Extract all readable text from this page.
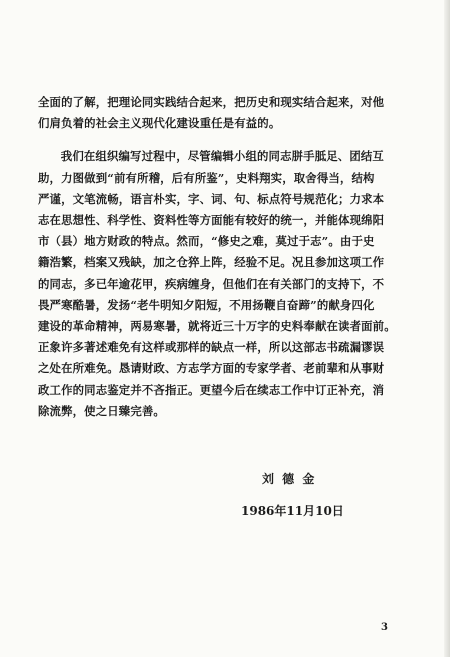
全面的了解，把理论同实践结合起来，把历史和现实结合起来，对他
们肩负着的社会主义现代化建设重任是有益的。

我们在组织编写过程中，尽管编辑小组的同志胼手胝足、团结互
助，力图做到“前有所稽，后有所鉴”，史料翔实，取舍得当，结构
严谨，文笔流畅，语言朴实，字、词、句、标点符号规范化；力求本
志在思想性、科学性、资料性等方面能有较好的统一，并能体现绵阳
市（县）地方财政的特点。然而，“修史之难，莫过于志”。由于史
籍浩繁，档案又残缺，加之仓猝上阵，经验不足。况且参加这项工作
的同志，多已年逾花甲，疾病缠身，但他们在有关部门的支持下，不
畏严寒酷暑，发扬“老牛明知夕阳短，不用扬鞭自奋蹄”的献身四化
建设的革命精神，两易寒暑，就将近三十万字的史料奉献在读者面前。
正象许多著述难免有这样或那样的缺点一样，所以这部志书疏漏谬误
之处在所难免。恳请财政、方志学方面的专家学者、老前辈和从事财
政工作的同志鉴定并不吝指正。更望今后在续志工作中订正补充，消
除流弊，使之日臻完善。

刘 德 金
1986年11月10日
3
